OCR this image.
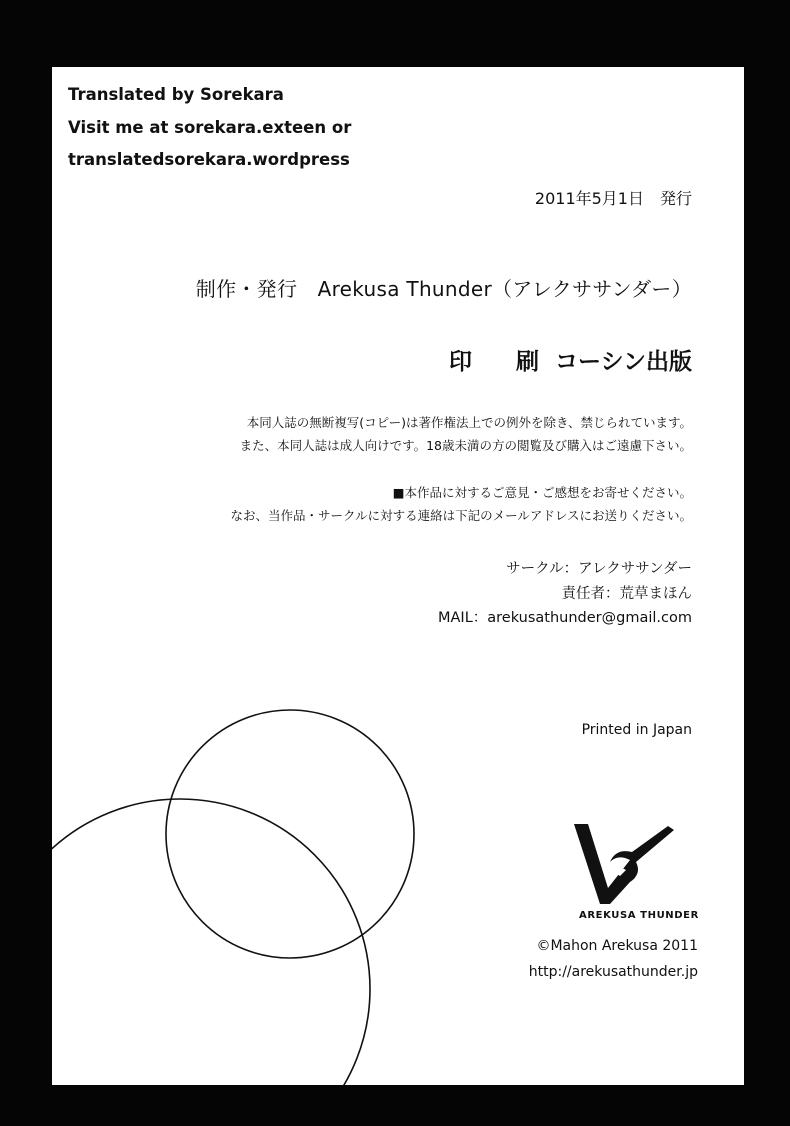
Translated by Sorekara
Visit me at sorekara.exteen or
translatedsorekara.wordpress
2011年5月1日　発行
制作・発行　Arekusa Thunder（アレクササンダー）
印 刷 コーシン出版
本同人誌の無断複写(コピー)は著作権法上での例外を除き、禁じられています。
また、本同人誌は成人向けです。18歳未満の方の閲覧及び購入はご遠慮下さい。
■本作品に対するご意見・ご感想をお寄せください。
なお、当作品・サークルに対する連絡は下記のメールアドレスにお送りください。
サークル：アレクササンダー
責任者：荒草まほん
MAIL：arekusathunder@gmail.com
Printed in Japan
AREKUSA THUNDER
©Mahon Arekusa 2011
http://arekusathunder.jp
